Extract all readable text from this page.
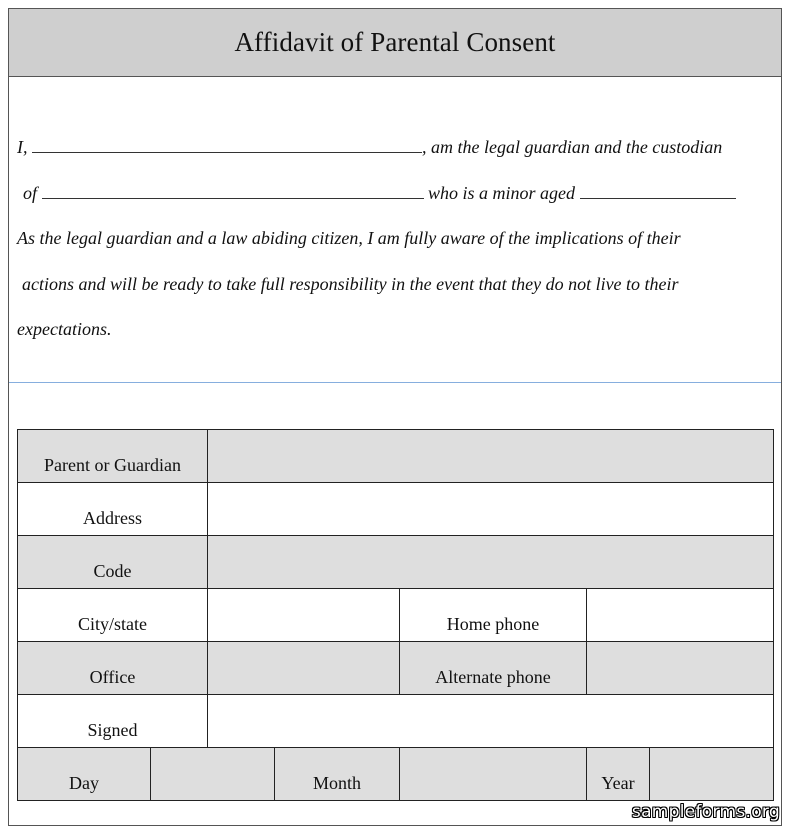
Affidavit of Parental Consent
I,	, am the legal guardian and the custodian
of	who is a minor aged
As the legal guardian and a law abiding citizen, I am fully aware of the implications of their
actions and will be ready to take full responsibility in the event that they do not live to their
expectations.
Parent or Guardian						
Address						
Code						
City/state				Home phone		
Office				Alternate phone		
Signed						
Day			Month		Year	
sampleforms.org
